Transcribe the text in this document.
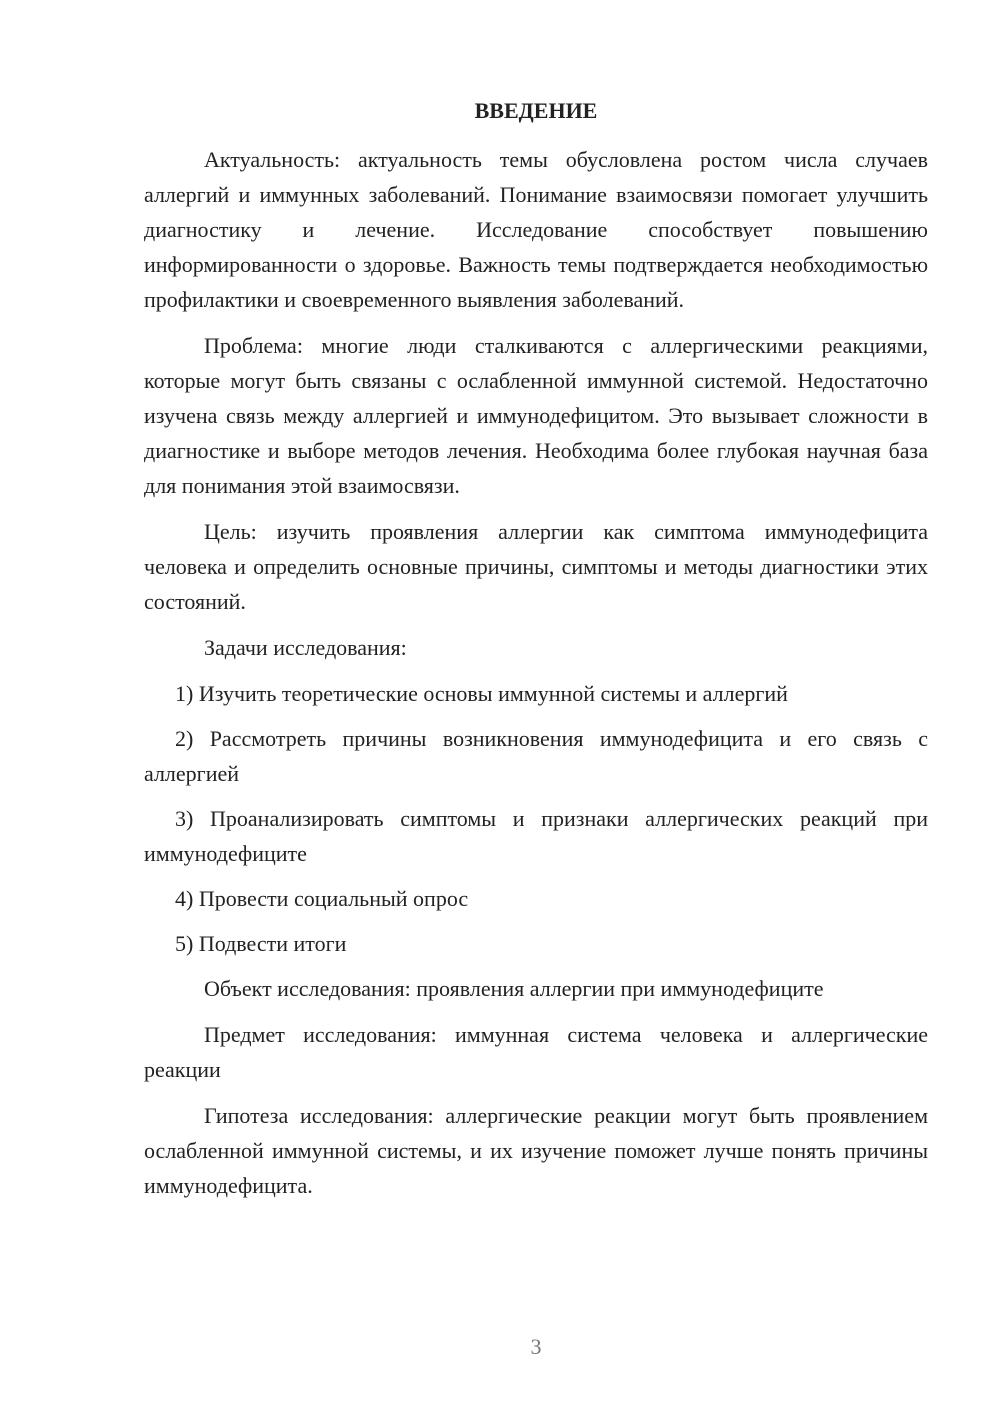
ВВЕДЕНИЕ

Актуальность: актуальность темы обусловлена ростом числа случаев аллергий и иммунных заболеваний. Понимание взаимосвязи помогает улучшить диагностику и лечение. Исследование способствует повышению информированности о здоровье. Важность темы подтверждается необходимостью профилактики и своевременного выявления заболеваний.

Проблема: многие люди сталкиваются с аллергическими реакциями, которые могут быть связаны с ослабленной иммунной системой. Недостаточно изучена связь между аллергией и иммунодефицитом. Это вызывает сложности в диагностике и выборе методов лечения. Необходима более глубокая научная база для понимания этой взаимосвязи.

Цель: изучить проявления аллергии как симптома иммунодефицита человека и определить основные причины, симптомы и методы диагностики этих состояний.

Задачи исследования:

1) Изучить теоретические основы иммунной системы и аллергий

2) Рассмотреть причины возникновения иммунодефицита и его связь с аллергией

3) Проанализировать симптомы и признаки аллергических реакций при иммунодефиците

4) Провести социальный опрос

5) Подвести итоги

Объект исследования: проявления аллергии при иммунодефиците

Предмет исследования: иммунная система человека и аллергические реакции

Гипотеза исследования: аллергические реакции могут быть проявлением ослабленной иммунной системы, и их изучение поможет лучше понять причины иммунодефицита.

3
